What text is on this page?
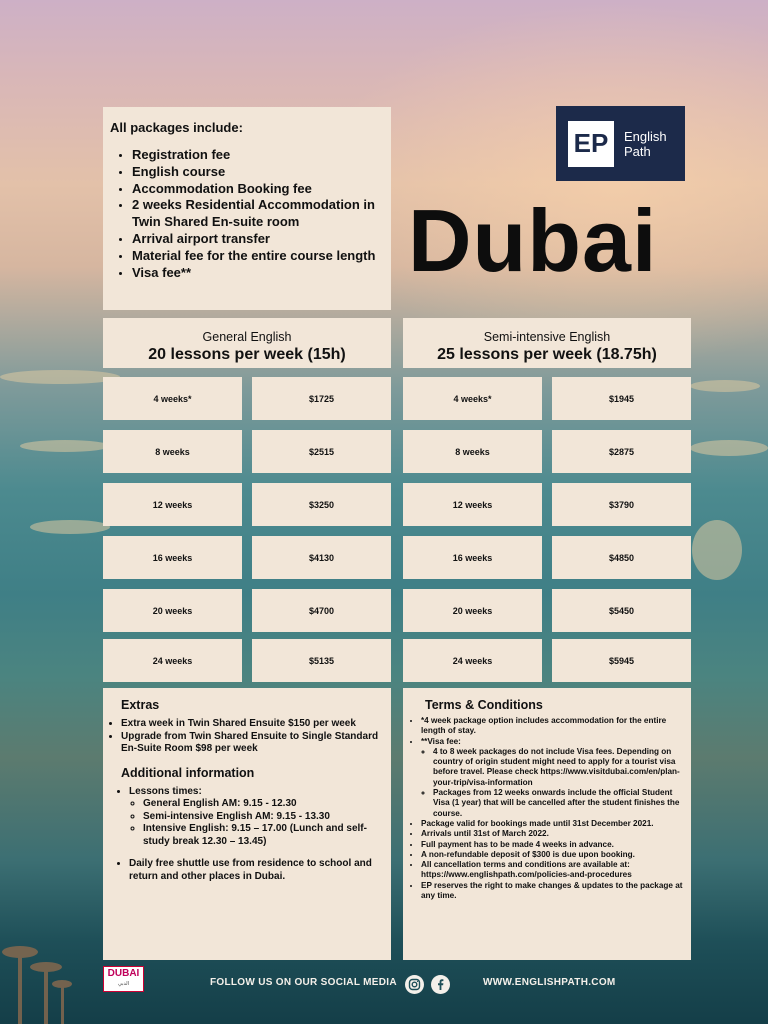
All packages include:
• Registration fee
• English course
• Accommodation Booking fee
• 2 weeks Residential Accommodation in Twin Shared En-suite room
• Arrival airport transfer
• Material fee for the entire course length
• Visa fee**
EP	English
Path
Dubai
General English
20 lessons per week (15h)
Semi-intensive English
25 lessons per week (18.75h)
4 weeks*	$1725
8 weeks	$2515
12 weeks	$3250
16 weeks	$4130
20 weeks	$4700
24 weeks	$5135
4 weeks*	$1945
8 weeks	$2875
12 weeks	$3790
16 weeks	$4850
20 weeks	$5450
24 weeks	$5945
Extras
• Extra week in Twin Shared Ensuite $150 per week
• Upgrade from Twin Shared Ensuite to Single Standard En-Suite Room $98 per week
Additional information
• Lessons times:
◦ General English AM: 9.15 - 12.30
◦ Semi-intensive English AM: 9.15 - 13.30
◦ Intensive English: 9.15 – 17.00 (Lunch and self-study break 12.30 – 13.45)
• Daily free shuttle use from residence to school and return and other places in Dubai.
Terms & Conditions
• *4 week package option includes accommodation for the entire length of stay.
• **Visa fee:
◦ 4 to 8 week packages do not include Visa fees. Depending on country of origin student might need to apply for a tourist visa before travel. Please check https://www.visitdubai.com/en/plan-your-trip/visa-information
◦ Packages from 12 weeks onwards include the official Student Visa (1 year) that will be cancelled after the student finishes the course.
• Package valid for bookings made until 31st December 2021.
• Arrivals until 31st of March 2022.
• Full payment has to be made 4 weeks in advance.
• A non-refundable deposit of $300 is due upon booking.
• All cancellation terms and conditions are available at: https://www.englishpath.com/policies-and-procedures
• EP reserves the right to make changes & updates to the package at any time.
DUBAI
الدبي	FOLLOW US ON OUR SOCIAL MEDIA	WWW.ENGLISHPATH.COM
